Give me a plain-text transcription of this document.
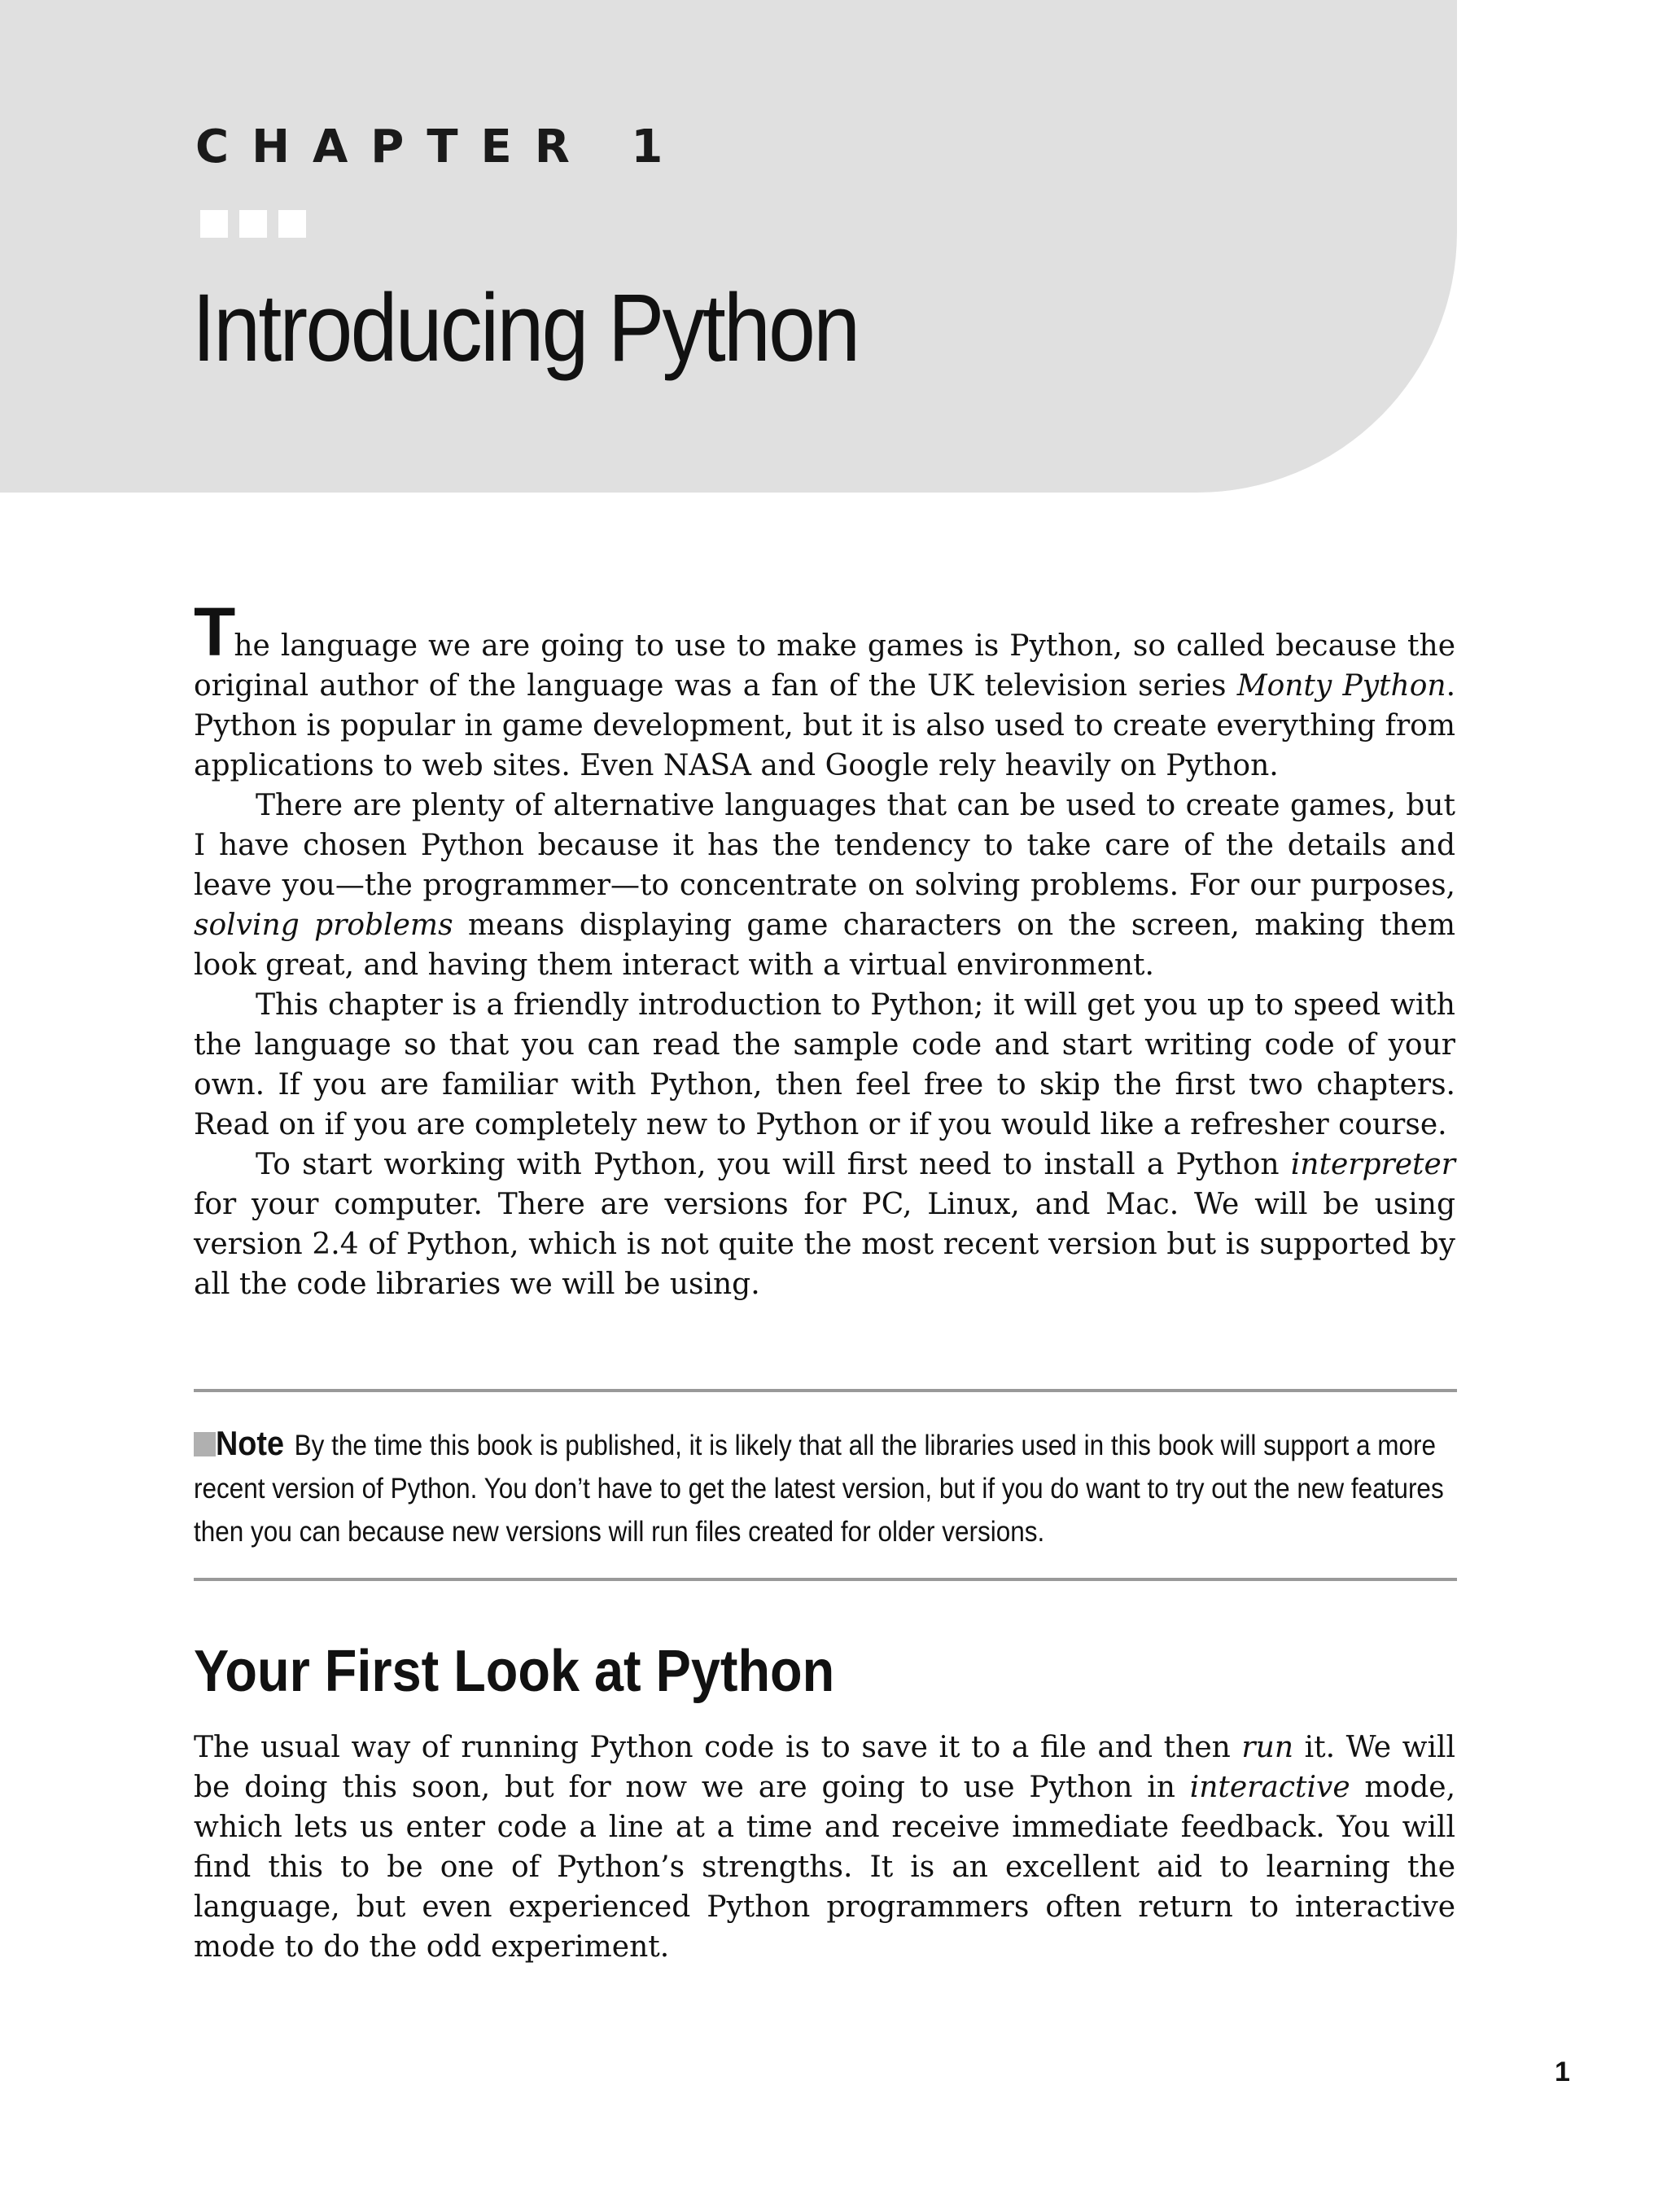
CHAPTER 1
Introducing Python

The language we are going to use to make games is Python, so called because the original author of the language was a fan of the UK television series Monty Python. Python is popular in game development, but it is also used to create everything from applications to web sites. Even NASA and Google rely heavily on Python.

There are plenty of alternative languages that can be used to create games, but I have chosen Python because it has the tendency to take care of the details and leave you—the programmer—to concentrate on solving problems. For our purposes, solving problems means displaying game characters on the screen, making them look great, and having them interact with a virtual environment.

This chapter is a friendly introduction to Python; it will get you up to speed with the language so that you can read the sample code and start writing code of your own. If you are familiar with Python, then feel free to skip the first two chapters. Read on if you are completely new to Python or if you would like a refresher course.

To start working with Python, you will first need to install a Python interpreter for your computer. There are versions for PC, Linux, and Mac. We will be using version 2.4 of Python, which is not quite the most recent version but is supported by all the code libraries we will be using.

Note By the time this book is published, it is likely that all the libraries used in this book will support a more recent version of Python. You don’t have to get the latest version, but if you do want to try out the new features then you can because new versions will run files created for older versions.

Your First Look at Python

The usual way of running Python code is to save it to a file and then run it. We will be doing this soon, but for now we are going to use Python in interactive mode, which lets us enter code a line at a time and receive immediate feedback. You will find this to be one of Python’s strengths. It is an excellent aid to learning the language, but even experienced Python programmers often return to interactive mode to do the odd experiment.

1
